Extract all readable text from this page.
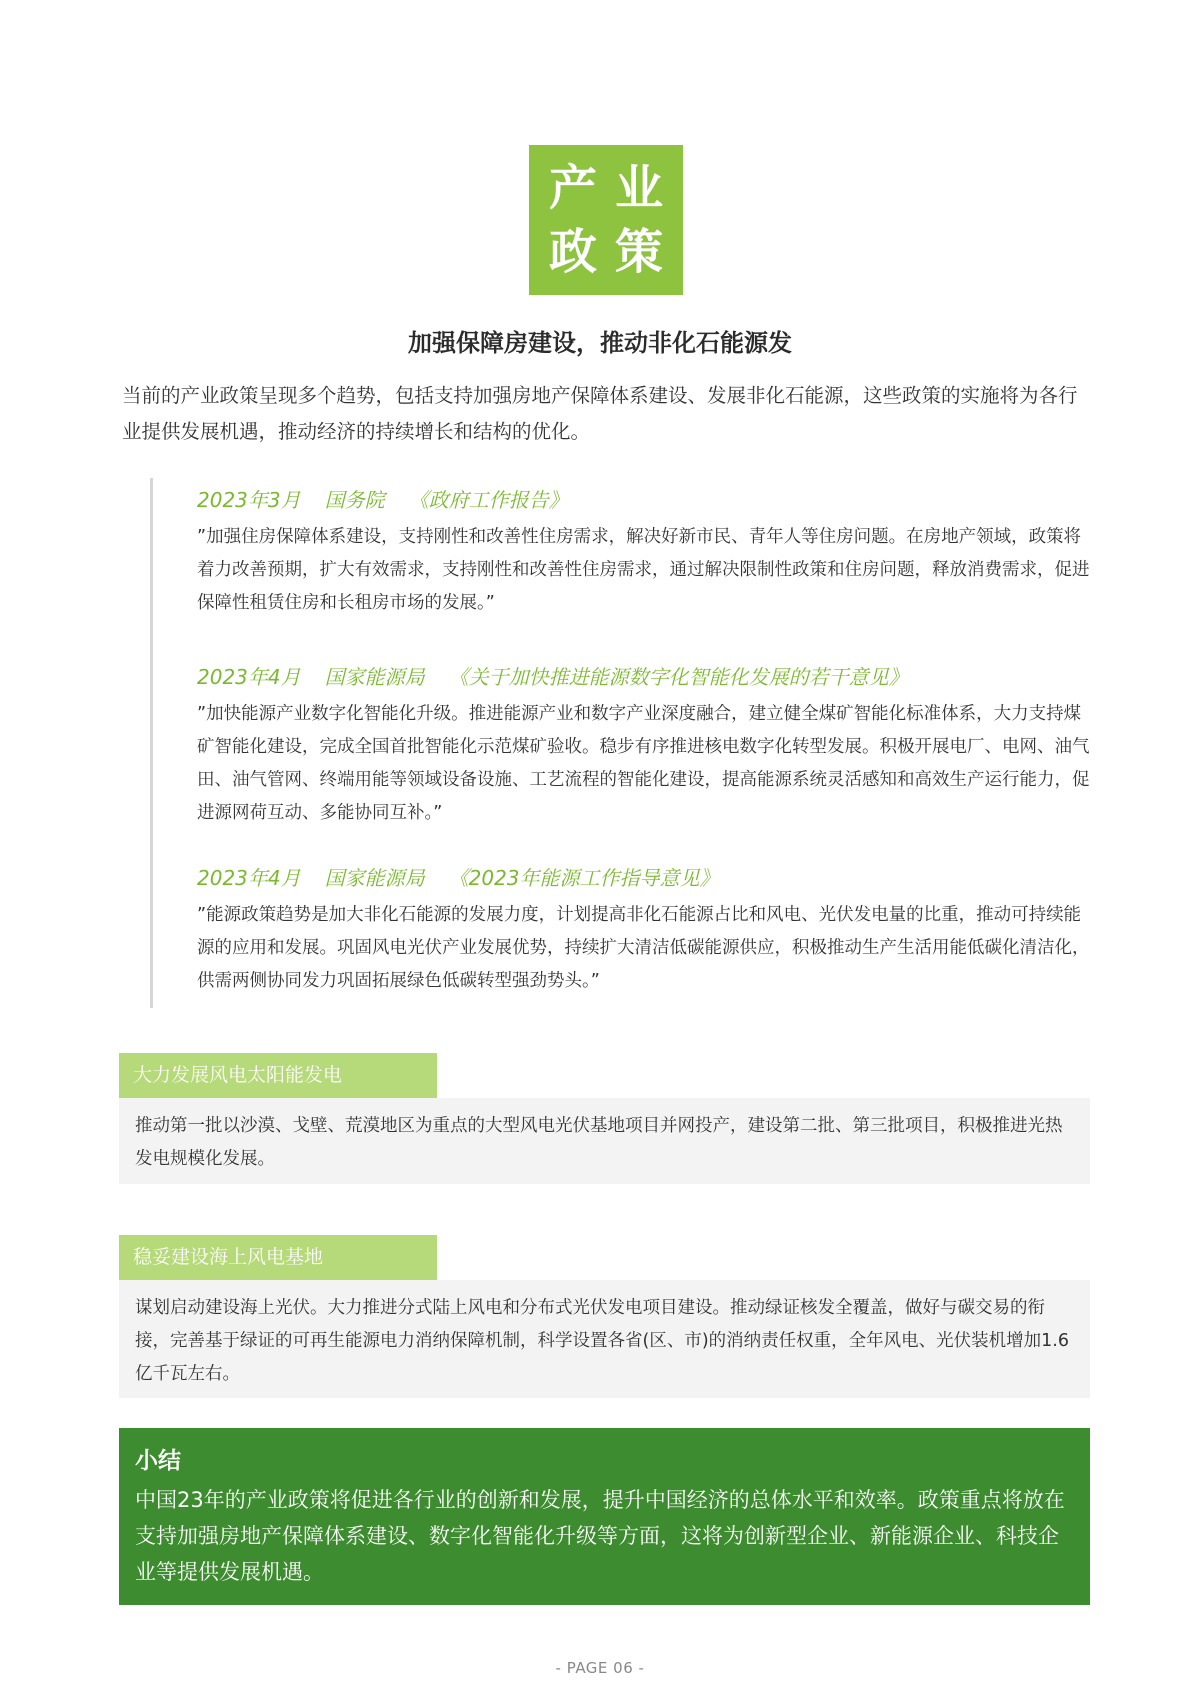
产业
政策
加强保障房建设，推动非化石能源发

当前的产业政策呈现多个趋势，包括支持加强房地产保障体系建设、发展非化石能源，这些政策的实施将为各行业提供发展机遇，推动经济的持续增长和结构的优化。

2023年3月 国务院 《政府工作报告》
”加强住房保障体系建设，支持刚性和改善性住房需求，解决好新市民、青年人等住房问题。在房地产领域，政策将着力改善预期，扩大有效需求，支持刚性和改善性住房需求，通过解决限制性政策和住房问题，释放消费需求，促进保障性租赁住房和长租房市场的发展。”
2023年4月 国家能源局 《关于加快推进能源数字化智能化发展的若干意见》
”加快能源产业数字化智能化升级。推进能源产业和数字产业深度融合，建立健全煤矿智能化标准体系，大力支持煤矿智能化建设，完成全国首批智能化示范煤矿验收。稳步有序推进核电数字化转型发展。积极开展电厂、电网、油气田、油气管网、终端用能等领域设备设施、工艺流程的智能化建设，提高能源系统灵活感知和高效生产运行能力，促进源网荷互动、多能协同互补。”
2023年4月 国家能源局 《2023年能源工作指导意见》
”能源政策趋势是加大非化石能源的发展力度，计划提高非化石能源占比和风电、光伏发电量的比重，推动可持续能源的应用和发展。巩固风电光伏产业发展优势，持续扩大清洁低碳能源供应，积极推动生产生活用能低碳化清洁化，供需两侧协同发力巩固拓展绿色低碳转型强劲势头。”
大力发展风电太阳能发电
推动第一批以沙漠、戈壁、荒漠地区为重点的大型风电光伏基地项目并网投产，建设第二批、第三批项目，积极推进光热发电规模化发展。
稳妥建设海上风电基地
谋划启动建设海上光伏。大力推进分式陆上风电和分布式光伏发电项目建设。推动绿证核发全覆盖，做好与碳交易的衔接，完善基于绿证的可再生能源电力消纳保障机制，科学设置各省(区、市)的消纳责任权重，全年风电、光伏装机增加1.6亿千瓦左右。
小结
中国23年的产业政策将促进各行业的创新和发展，提升中国经济的总体水平和效率。政策重点将放在支持加强房地产保障体系建设、数字化智能化升级等方面，这将为创新型企业、新能源企业、科技企业等提供发展机遇。
- PAGE 06 -
